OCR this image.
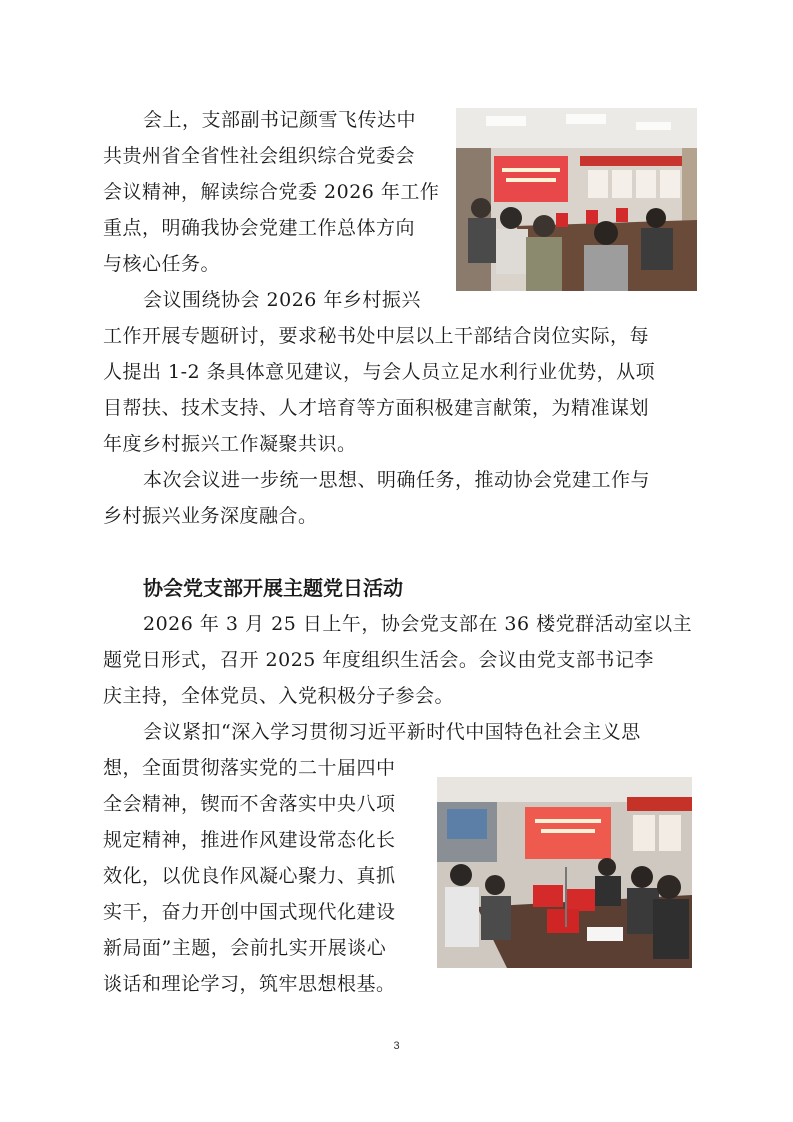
会上，支部副书记颜雪飞传达中
共贵州省全省性社会组织综合党委会
会议精神，解读综合党委 2026 年工作
重点，明确我协会党建工作总体方向
与核心任务。
会议围绕协会 2026 年乡村振兴
工作开展专题研讨，要求秘书处中层以上干部结合岗位实际，每
人提出 1-2 条具体意见建议，与会人员立足水利行业优势，从项
目帮扶、技术支持、人才培育等方面积极建言献策，为精准谋划
年度乡村振兴工作凝聚共识。
本次会议进一步统一思想、明确任务，推动协会党建工作与
乡村振兴业务深度融合。
协会党支部开展主题党日活动
2026 年 3 月 25 日上午，协会党支部在 36 楼党群活动室以主
题党日形式，召开 2025 年度组织生活会。会议由党支部书记李
庆主持，全体党员、入党积极分子参会。
会议紧扣“深入学习贯彻习近平新时代中国特色社会主义思
想，全面贯彻落实党的二十届四中
全会精神，锲而不舍落实中央八项
规定精神，推进作风建设常态化长
效化，以优良作风凝心聚力、真抓
实干，奋力开创中国式现代化建设
新局面”主题，会前扎实开展谈心
谈话和理论学习，筑牢思想根基。
3
